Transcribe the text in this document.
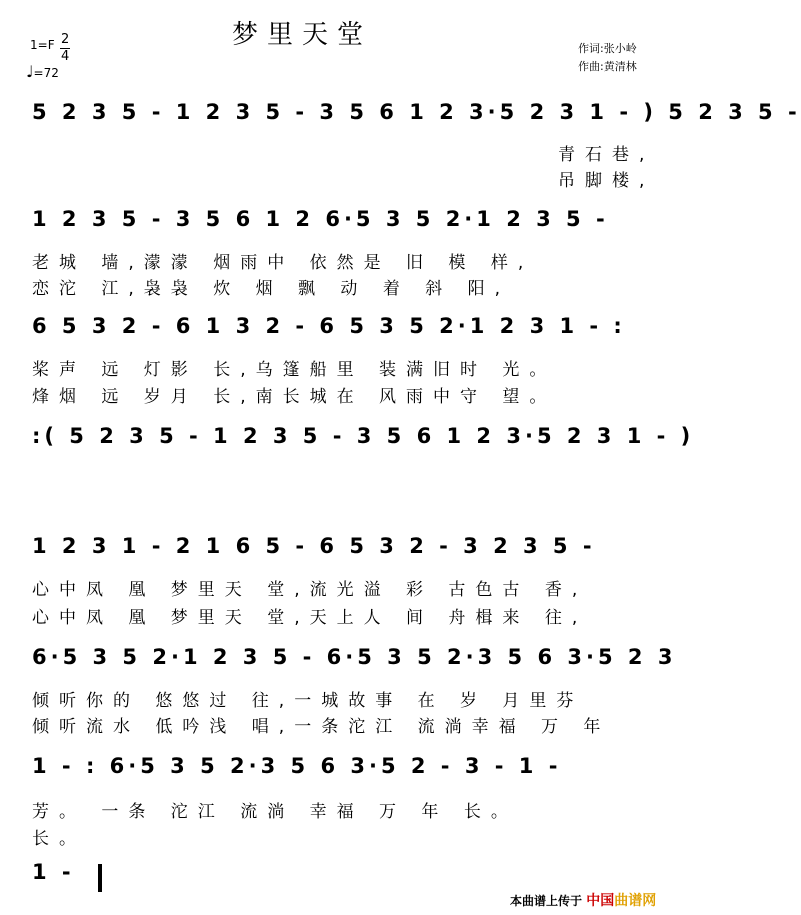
梦里天堂
1=F 2
4
♩=72
作词:张小岭
作曲:黄清林
5 2 3 5 - 1 2 3 5 - 3 5 6 1 2 3·5 2 3 1 - ) 5 2 3 5 -
青石巷,
吊脚楼,
1 2 3 5 - 3 5 6 1 2 6·5 3 5 2·1 2 3 5 -
老城 墙,濛濛 烟雨中 依然是 旧 模 样,
恋沱 江,袅袅 炊 烟 飘 动 着 斜 阳,
6 5 3 2 - 6 1 3 2 - 6 5 3 5 2·1 2 3 1 - :
桨声 远 灯影 长,乌篷船里 装满旧时 光。
烽烟 远 岁月 长,南长城在 风雨中守 望。
:( 5 2 3 5 - 1 2 3 5 - 3 5 6 1 2 3·5 2 3 1 - )
1 2 3 1 - 2 1 6 5 - 6 5 3 2 - 3 2 3 5 -
心中凤 凰 梦里天 堂,流光溢 彩 古色古 香,
心中凤 凰 梦里天 堂,天上人 间 舟楫来 往,
6·5 3 5 2·1 2 3 5 - 6·5 3 5 2·3 5 6 3·5 2 3
倾听你的 悠悠过 往,一城故事 在 岁 月里芬
倾听流水 低吟浅 唱,一条沱江 流淌幸福 万 年
1 - : 6·5 3 5 2·3 5 6 3·5 2 - 3 - 1 -
芳。 一条 沱江 流淌 幸福 万 年 长。
长。
1 -
本曲谱上传于 中国曲谱网
